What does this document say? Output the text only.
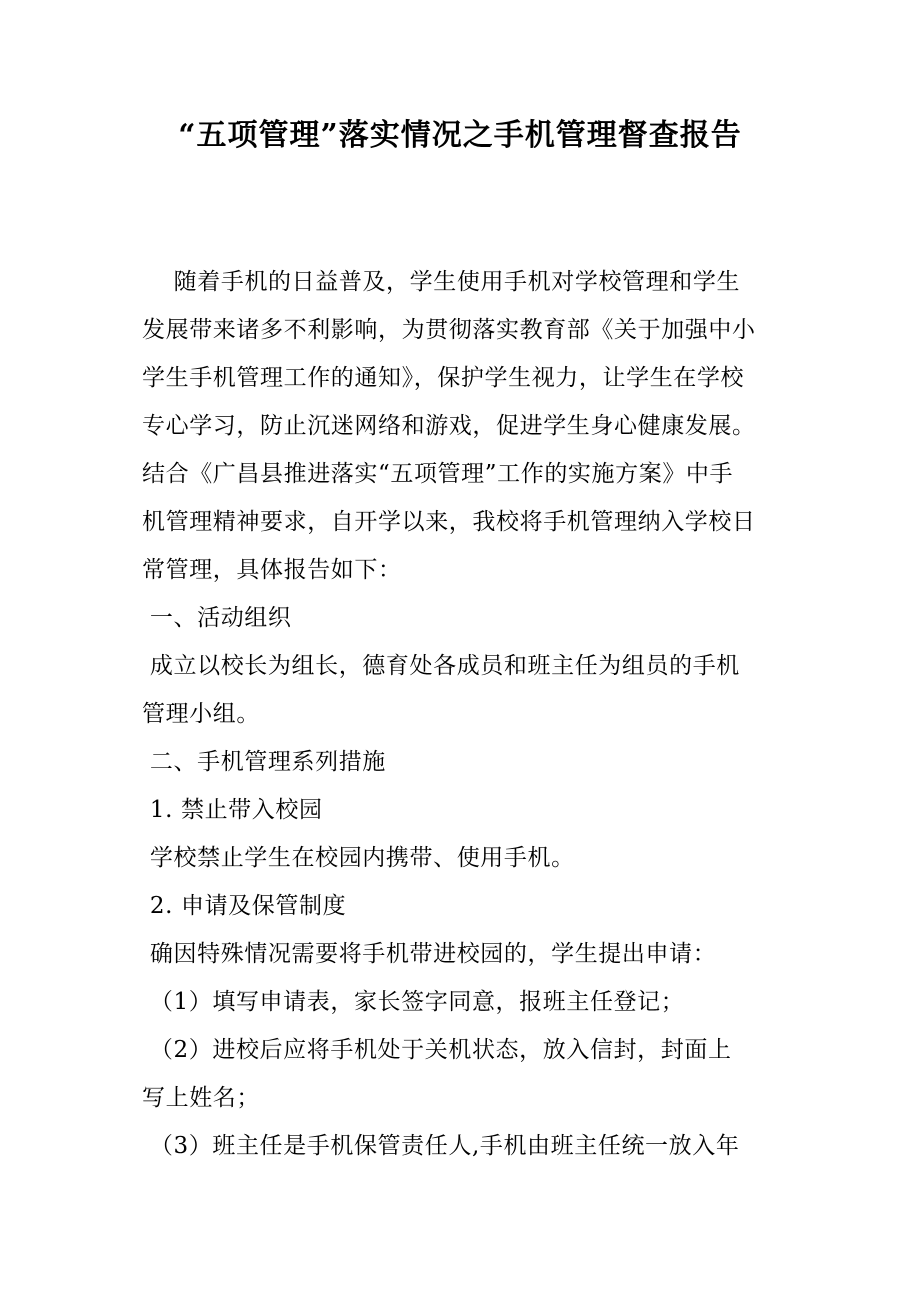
“五项管理”落实情况之手机管理督查报告
随着手机的日益普及，学生使用手机对学校管理和学生
发展带来诸多不利影响，为贯彻落实教育部《关于加强中小
学生手机管理工作的通知》，保护学生视力，让学生在学校
专心学习，防止沉迷网络和游戏，促进学生身心健康发展。
结合《广昌县推进落实“五项管理”工作的实施方案》中手
机管理精神要求，自开学以来，我校将手机管理纳入学校日
常管理，具体报告如下：
一、活动组织
成立以校长为组长，德育处各成员和班主任为组员的手机
管理小组。
二、手机管理系列措施
1. 禁止带入校园
学校禁止学生在校园内携带、使用手机。
2. 申请及保管制度
确因特殊情况需要将手机带进校园的，学生提出申请：
（1）填写申请表，家长签字同意，报班主任登记；
（2）进校后应将手机处于关机状态，放入信封，封面上
写上姓名；
（3）班主任是手机保管责任人,手机由班主任统一放入年
